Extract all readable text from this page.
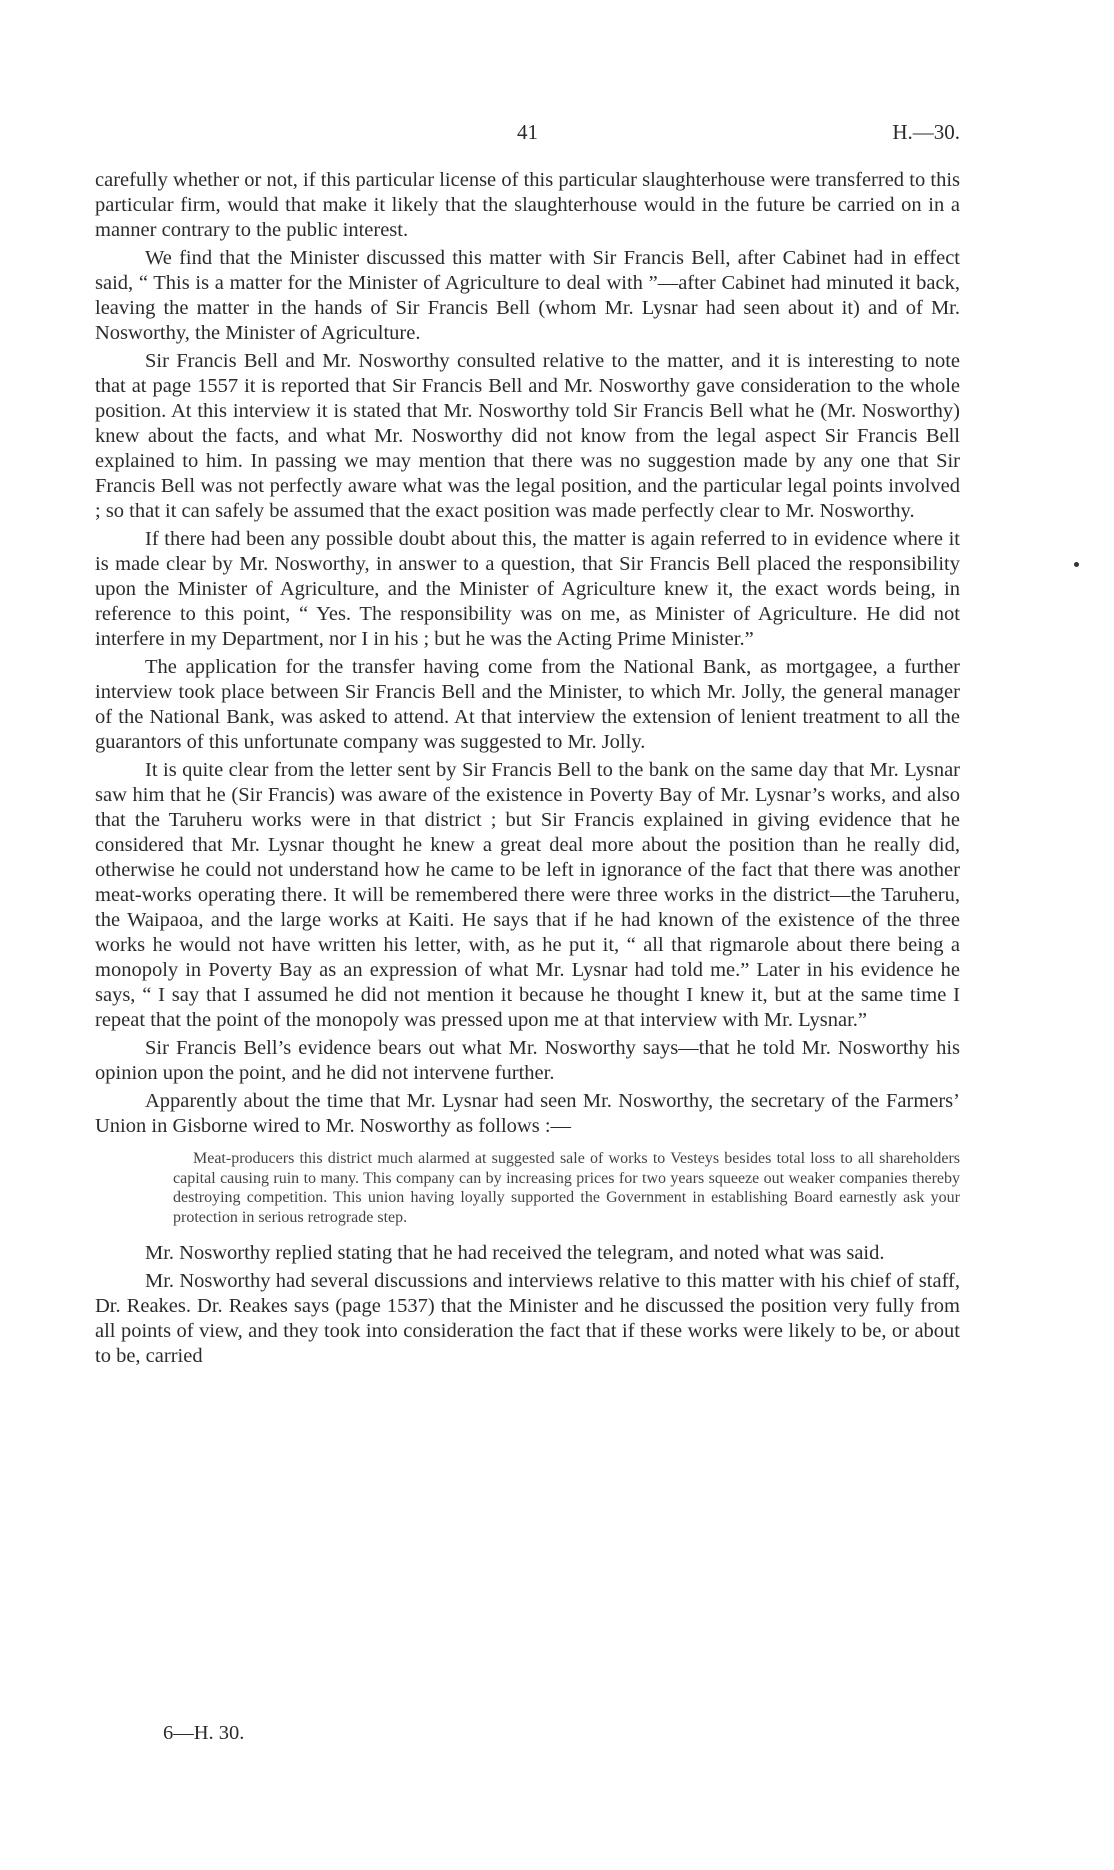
41	H.—30.

carefully whether or not, if this particular license of this particular slaughterhouse were transferred to this particular firm, would that make it likely that the slaughterhouse would in the future be carried on in a manner contrary to the public interest.

We find that the Minister discussed this matter with Sir Francis Bell, after Cabinet had in effect said, “ This is a matter for the Minister of Agriculture to deal with ”—after Cabinet had minuted it back, leaving the matter in the hands of Sir Francis Bell (whom Mr. Lysnar had seen about it) and of Mr. Nosworthy, the Minister of Agriculture.

Sir Francis Bell and Mr. Nosworthy consulted relative to the matter, and it is interesting to note that at page 1557 it is reported that Sir Francis Bell and Mr. Nosworthy gave consideration to the whole position. At this interview it is stated that Mr. Nosworthy told Sir Francis Bell what he (Mr. Nosworthy) knew about the facts, and what Mr. Nosworthy did not know from the legal aspect Sir Francis Bell explained to him. In passing we may mention that there was no suggestion made by any one that Sir Francis Bell was not perfectly aware what was the legal position, and the particular legal points involved ; so that it can safely be assumed that the exact position was made perfectly clear to Mr. Nosworthy.

If there had been any possible doubt about this, the matter is again referred to in evidence where it is made clear by Mr. Nosworthy, in answer to a question, that Sir Francis Bell placed the responsibility upon the Minister of Agriculture, and the Minister of Agriculture knew it, the exact words being, in reference to this point, “ Yes. The responsibility was on me, as Minister of Agriculture. He did not interfere in my Department, nor I in his ; but he was the Acting Prime Minister.”

The application for the transfer having come from the National Bank, as mortgagee, a further interview took place between Sir Francis Bell and the Minister, to which Mr. Jolly, the general manager of the National Bank, was asked to attend. At that interview the extension of lenient treatment to all the guarantors of this unfortunate company was suggested to Mr. Jolly.

It is quite clear from the letter sent by Sir Francis Bell to the bank on the same day that Mr. Lysnar saw him that he (Sir Francis) was aware of the existence in Poverty Bay of Mr. Lysnar’s works, and also that the Taruheru works were in that district ; but Sir Francis explained in giving evidence that he considered that Mr. Lysnar thought he knew a great deal more about the position than he really did, otherwise he could not understand how he came to be left in ignorance of the fact that there was another meat-works operating there. It will be remembered there were three works in the district—the Taruheru, the Waipaoa, and the large works at Kaiti. He says that if he had known of the existence of the three works he would not have written his letter, with, as he put it, “ all that rigmarole about there being a monopoly in Poverty Bay as an expression of what Mr. Lysnar had told me.” Later in his evidence he says, “ I say that I assumed he did not mention it because he thought I knew it, but at the same time I repeat that the point of the monopoly was pressed upon me at that interview with Mr. Lysnar.”

Sir Francis Bell’s evidence bears out what Mr. Nosworthy says—that he told Mr. Nosworthy his opinion upon the point, and he did not intervene further.

Apparently about the time that Mr. Lysnar had seen Mr. Nosworthy, the secretary of the Farmers’ Union in Gisborne wired to Mr. Nosworthy as follows :—

Meat-producers this district much alarmed at suggested sale of works to Vesteys besides total loss to all shareholders capital causing ruin to many. This company can by increasing prices for two years squeeze out weaker companies thereby destroying competition. This union having loyally supported the Government in establishing Board earnestly ask your protection in serious retrograde step.

Mr. Nosworthy replied stating that he had received the telegram, and noted what was said.

Mr. Nosworthy had several discussions and interviews relative to this matter with his chief of staff, Dr. Reakes. Dr. Reakes says (page 1537) that the Minister and he discussed the position very fully from all points of view, and they took into consideration the fact that if these works were likely to be, or about to be, carried

6—H. 30.
